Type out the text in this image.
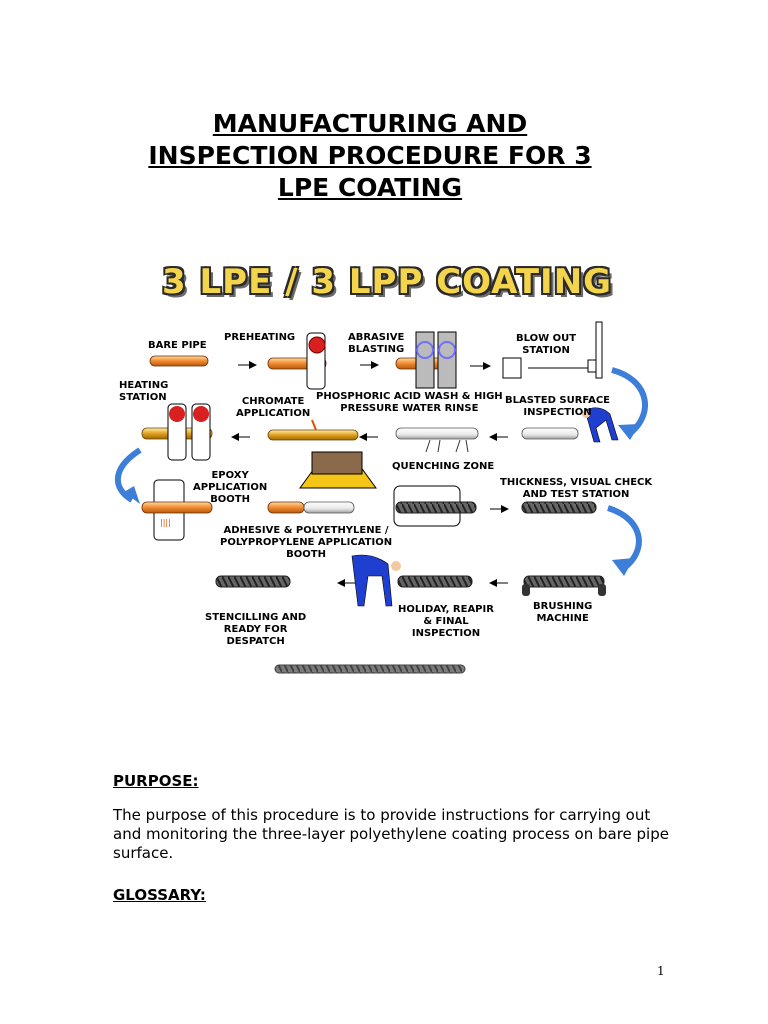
MANUFACTURING AND
INSPECTION PROCEDURE FOR 3
LPE COATING
3 LPE / 3 LPP COATING
||||
BARE PIPE
PREHEATING	ABRASIVE
BLASTING
BLOW OUT
STATION
HEATING
STATION	CHROMATE
APPLICATION
PHOSPHORIC ACID WASH & HIGH
PRESSURE WATER RINSE
BLASTED SURFACE
INSPECTION
EPOXY
APPLICATION
BOOTH
QUENCHING ZONE
THICKNESS, VISUAL CHECK
AND TEST STATION
ADHESIVE & POLYETHYLENE /
POLYPROPYLENE APPLICATION
BOOTH
STENCILLING AND
READY FOR
DESPATCH
HOLIDAY, REAPIR
& FINAL
INSPECTION
BRUSHING
MACHINE
PURPOSE:
The purpose of this procedure is to provide instructions for carrying out and monitoring the three-layer polyethylene coating process on bare pipe surface.
GLOSSARY:
1
